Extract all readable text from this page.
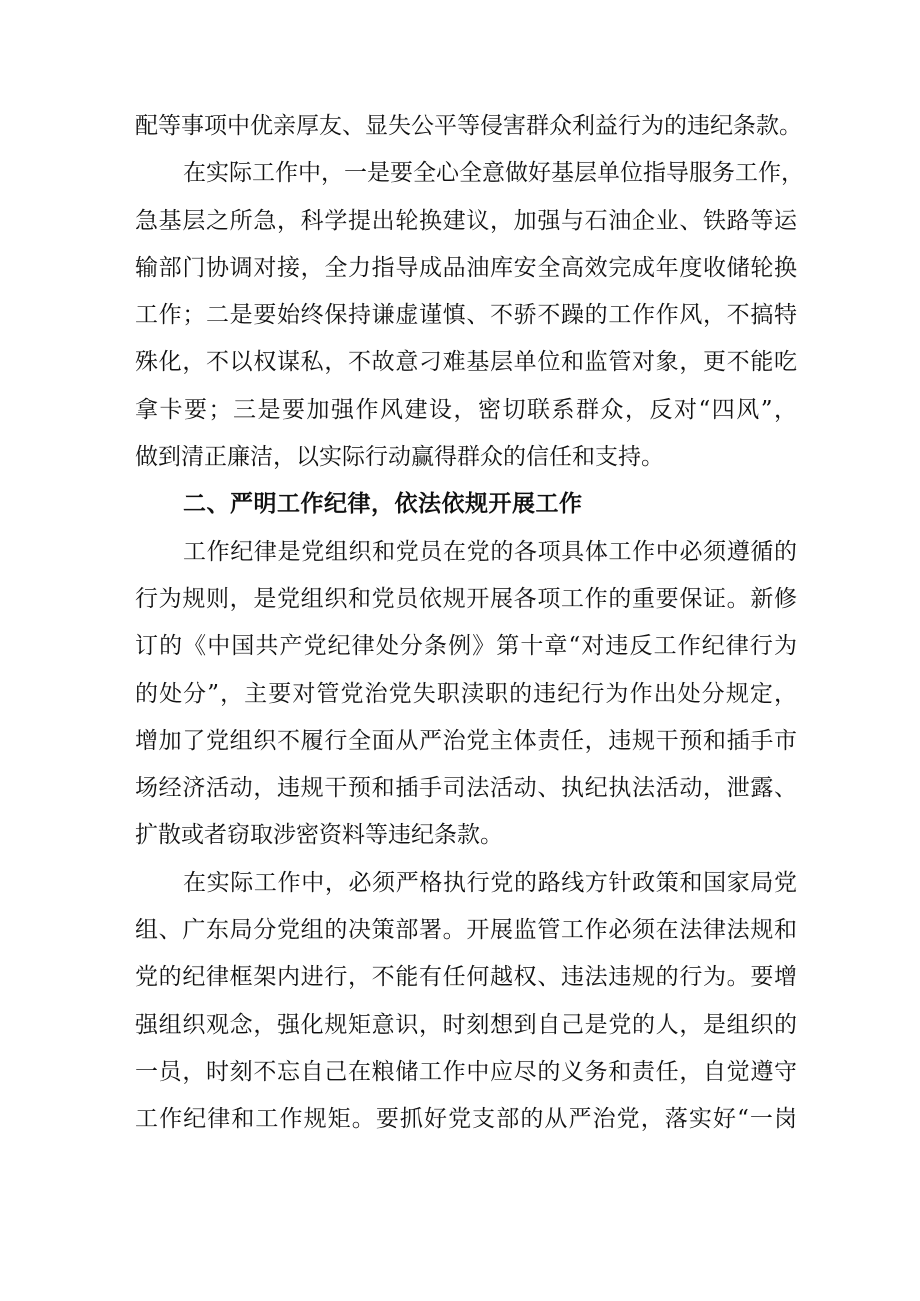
配等事项中优亲厚友、显失公平等侵害群众利益行为的违纪条款。
在实际工作中，一是要全心全意做好基层单位指导服务工作，
急基层之所急，科学提出轮换建议，加强与石油企业、铁路等运
输部门协调对接，全力指导成品油库安全高效完成年度收储轮换
工作；二是要始终保持谦虚谨慎、不骄不躁的工作作风，不搞特
殊化，不以权谋私，不故意刁难基层单位和监管对象，更不能吃
拿卡要；三是要加强作风建设，密切联系群众，反对“四风”，
做到清正廉洁，以实际行动赢得群众的信任和支持。
二、严明工作纪律，依法依规开展工作
工作纪律是党组织和党员在党的各项具体工作中必须遵循的
行为规则，是党组织和党员依规开展各项工作的重要保证。新修
订的《中国共产党纪律处分条例》第十章“对违反工作纪律行为
的处分”，主要对管党治党失职渎职的违纪行为作出处分规定，
增加了党组织不履行全面从严治党主体责任，违规干预和插手市
场经济活动，违规干预和插手司法活动、执纪执法活动，泄露、
扩散或者窃取涉密资料等违纪条款。
在实际工作中，必须严格执行党的路线方针政策和国家局党
组、广东局分党组的决策部署。开展监管工作必须在法律法规和
党的纪律框架内进行，不能有任何越权、违法违规的行为。要增
强组织观念，强化规矩意识，时刻想到自己是党的人，是组织的
一员，时刻不忘自己在粮储工作中应尽的义务和责任，自觉遵守
工作纪律和工作规矩。要抓好党支部的从严治党，落实好“一岗
